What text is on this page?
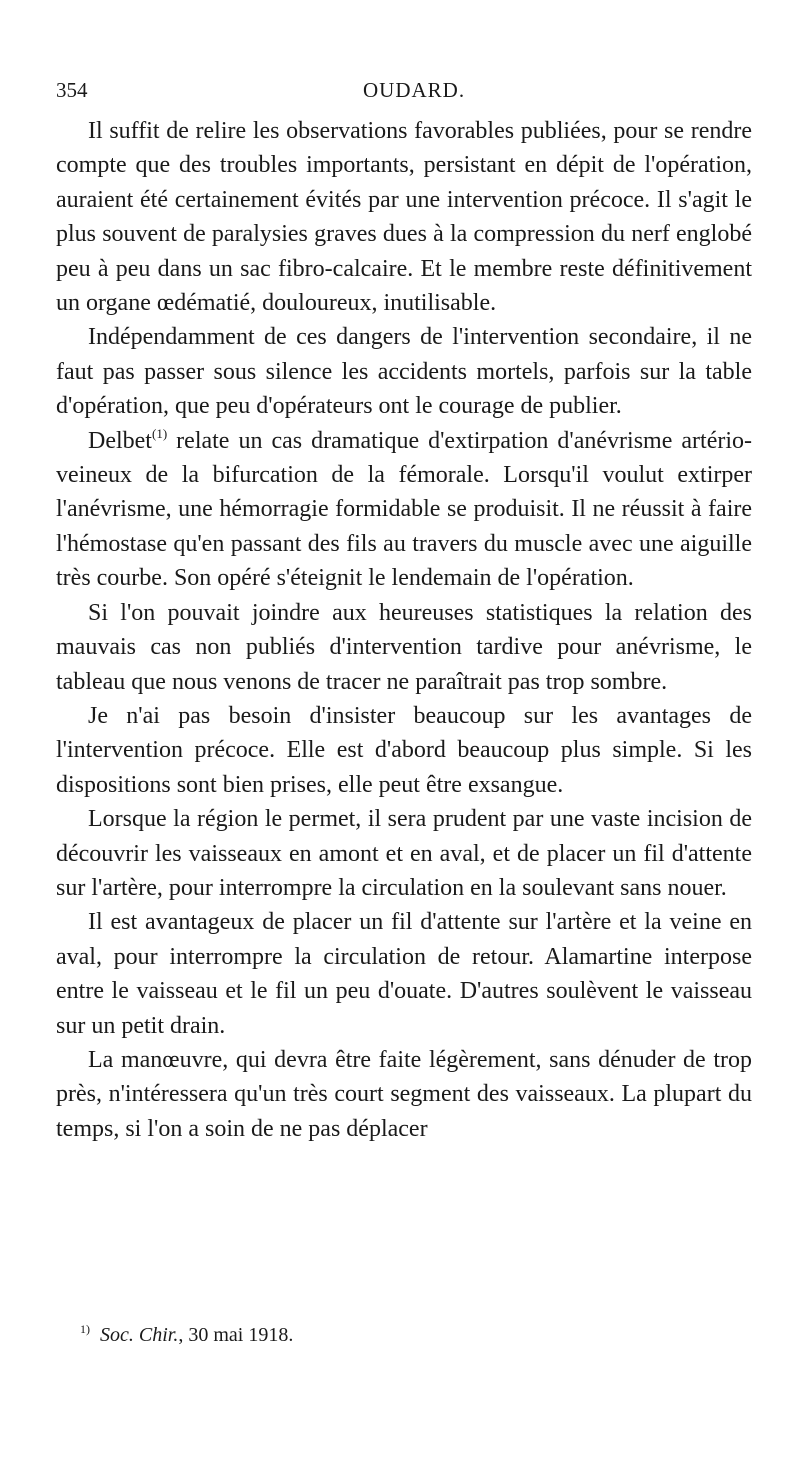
354	OUDARD.

Il suffit de relire les observations favorables publiées, pour se rendre compte que des troubles importants, persistant en dépit de l'opération, auraient été certainement évités par une intervention précoce. Il s'agit le plus souvent de paralysies graves dues à la compression du nerf englobé peu à peu dans un sac fibro-calcaire. Et le membre reste définitivement un organe œdématié, douloureux, inutilisable.

Indépendamment de ces dangers de l'intervention secondaire, il ne faut pas passer sous silence les accidents mortels, parfois sur la table d'opération, que peu d'opérateurs ont le courage de publier.

Delbet$^{(1)}$ relate un cas dramatique d'extirpation d'anévrisme artério-veineux de la bifurcation de la fémorale. Lorsqu'il voulut extirper l'anévrisme, une hémorragie formidable se produisit. Il ne réussit à faire l'hémostase qu'en passant des fils au travers du muscle avec une aiguille très courbe. Son opéré s'éteignit le lendemain de l'opération.

Si l'on pouvait joindre aux heureuses statistiques la relation des mauvais cas non publiés d'intervention tardive pour anévrisme, le tableau que nous venons de tracer ne paraîtrait pas trop sombre.

Je n'ai pas besoin d'insister beaucoup sur les avantages de l'intervention précoce. Elle est d'abord beaucoup plus simple. Si les dispositions sont bien prises, elle peut être exsangue.

Lorsque la région le permet, il sera prudent par une vaste incision de découvrir les vaisseaux en amont et en aval, et de placer un fil d'attente sur l'artère, pour interrompre la circulation en la soulevant sans nouer.

Il est avantageux de placer un fil d'attente sur l'artère et la veine en aval, pour interrompre la circulation de retour. Alamartine interpose entre le vaisseau et le fil un peu d'ouate. D'autres soulèvent le vaisseau sur un petit drain.

La manœuvre, qui devra être faite légèrement, sans dénuder de trop près, n'intéressera qu'un très court segment des vaisseaux. La plupart du temps, si l'on a soin de ne pas déplacer

$^{1)}$ Soc. Chir., 30 mai 1918.
